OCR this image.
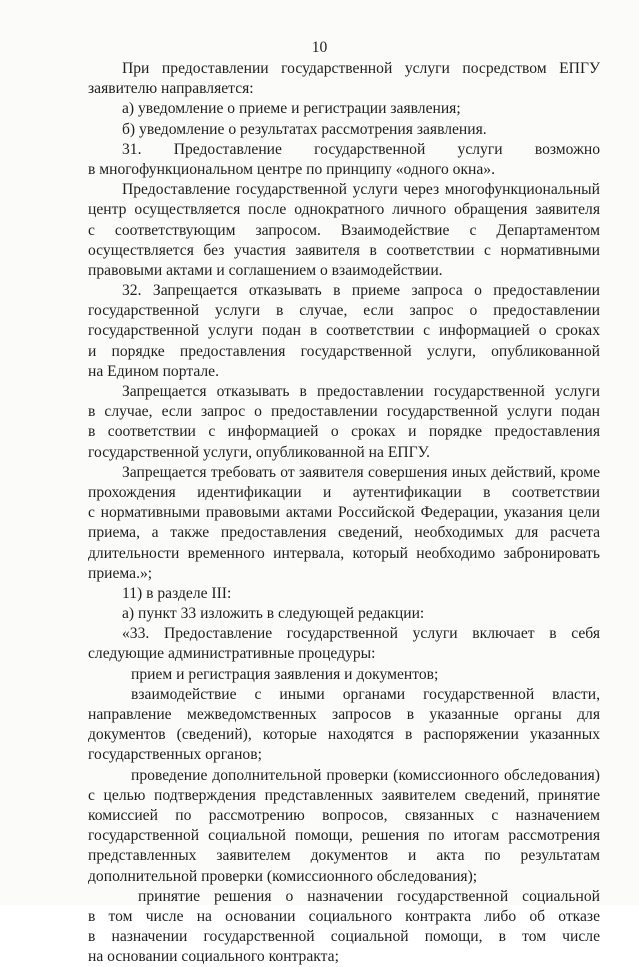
10
При предоставлении государственной услуги посредством ЕПГУ
заявителю направляется:
а) уведомление о приеме и регистрации заявления;
б) уведомление о результатах рассмотрения заявления.
31. Предоставление государственной услуги возможно
в многофункциональном центре по принципу «одного окна».
Предоставление государственной услуги через многофункциональный
центр осуществляется после однократного личного обращения заявителя
с соответствующим запросом. Взаимодействие с Департаментом
осуществляется без участия заявителя в соответствии с нормативными
правовыми актами и соглашением о взаимодействии.
32. Запрещается отказывать в приеме запроса о предоставлении
государственной услуги в случае, если запрос о предоставлении
государственной услуги подан в соответствии с информацией о сроках
и порядке предоставления государственной услуги, опубликованной
на Едином портале.
Запрещается отказывать в предоставлении государственной услуги
в случае, если запрос о предоставлении государственной услуги подан
в соответствии с информацией о сроках и порядке предоставления
государственной услуги, опубликованной на ЕПГУ.
Запрещается требовать от заявителя совершения иных действий, кроме
прохождения идентификации и аутентификации в соответствии
с нормативными правовыми актами Российской Федерации, указания цели
приема, а также предоставления сведений, необходимых для расчета
длительности временного интервала, который необходимо забронировать
приема.»;
11) в разделе III:
а) пункт 33 изложить в следующей редакции:
«33. Предоставление государственной услуги включает в себя
следующие административные процедуры:
прием и регистрация заявления и документов;
взаимодействие с иными органами государственной власти,
направление межведомственных запросов в указанные органы для
документов (сведений), которые находятся в распоряжении указанных
государственных органов;
проведение дополнительной проверки (комиссионного обследования)
с целью подтверждения представленных заявителем сведений, принятие
комиссией по рассмотрению вопросов, связанных с назначением
государственной социальной помощи, решения по итогам рассмотрения
представленных заявителем документов и акта по результатам
дополнительной проверки (комиссионного обследования);
принятие решения о назначении государственной социальной
в том числе на основании социального контракта либо об отказе
в назначении государственной социальной помощи, в том числе
на основании социального контракта;
